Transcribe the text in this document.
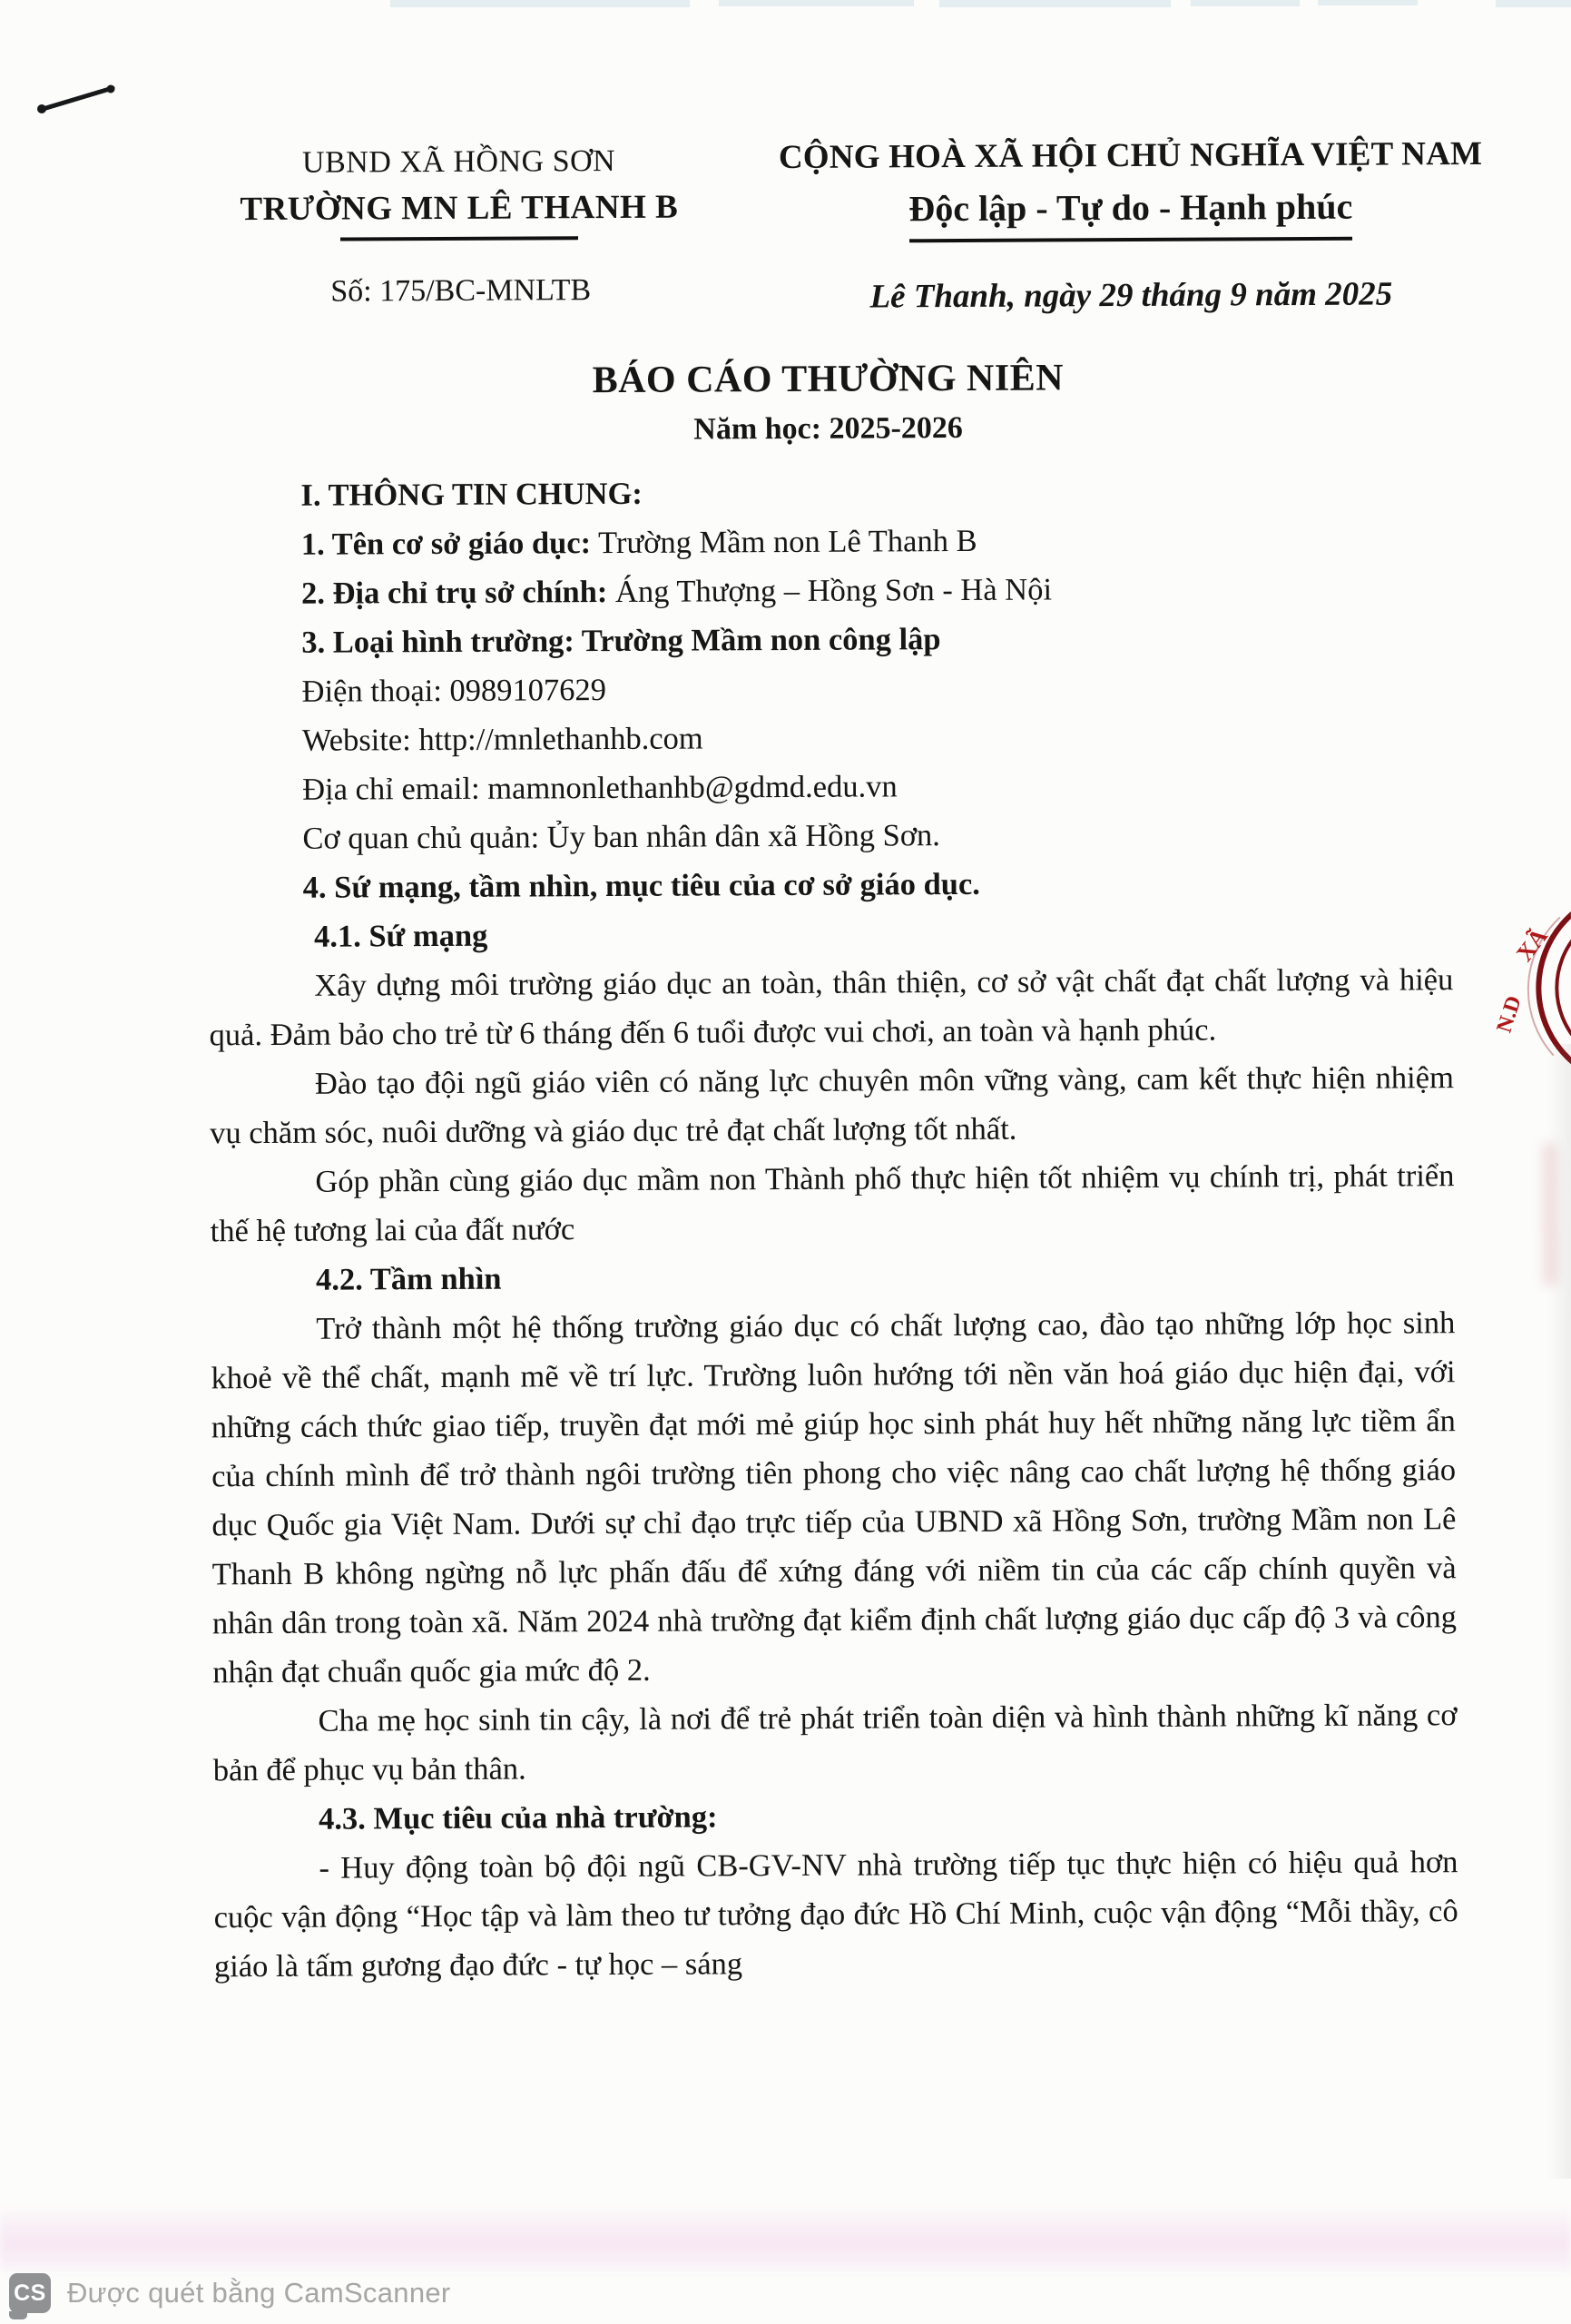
UBND XÃ HỒNG SƠN
TRƯỜNG MN LÊ THANH B
Số: 175/BC-MNLTB
CỘNG HOÀ XÃ HỘI CHỦ NGHĨA VIỆT NAM
Độc lập - Tự do - Hạnh phúc
Lê Thanh, ngày 29 tháng 9 năm 2025
BÁO CÁO THƯỜNG NIÊN
Năm học: 2025-2026
I. THÔNG TIN CHUNG:
1. Tên cơ sở giáo dục: Trường Mầm non Lê Thanh B
2. Địa chỉ trụ sở chính: Áng Thượng – Hồng Sơn - Hà Nội
3. Loại hình trường: Trường Mầm non công lập
Điện thoại: 0989107629
Website: http://mnlethanhb.com
Địa chỉ email: mamnonlethanhb@gdmd.edu.vn
Cơ quan chủ quản: Ủy ban nhân dân xã Hồng Sơn.
4. Sứ mạng, tầm nhìn, mục tiêu của cơ sở giáo dục.
4.1. Sứ mạng
Xây dựng môi trường giáo dục an toàn, thân thiện, cơ sở vật chất đạt chất lượng và hiệu quả. Đảm bảo cho trẻ từ 6 tháng đến 6 tuổi được vui chơi, an toàn và hạnh phúc.
Đào tạo đội ngũ giáo viên có năng lực chuyên môn vững vàng, cam kết thực hiện nhiệm vụ chăm sóc, nuôi dưỡng và giáo dục trẻ đạt chất lượng tốt nhất.
Góp phần cùng giáo dục mầm non Thành phố thực hiện tốt nhiệm vụ chính trị, phát triển thế hệ tương lai của đất nước
4.2. Tầm nhìn
Trở thành một hệ thống trường giáo dục có chất lượng cao, đào tạo những lớp học sinh khoẻ về thể chất, mạnh mẽ về trí lực. Trường luôn hướng tới nền văn hoá giáo dục hiện đại, với những cách thức giao tiếp, truyền đạt mới mẻ giúp học sinh phát huy hết những năng lực tiềm ẩn của chính mình để trở thành ngôi trường tiên phong cho việc nâng cao chất lượng hệ thống giáo dục Quốc gia Việt Nam. Dưới sự chỉ đạo trực tiếp của UBND xã Hồng Sơn, trường Mầm non Lê Thanh B không ngừng nỗ lực phấn đấu để xứng đáng với niềm tin của các cấp chính quyền và nhân dân trong toàn xã. Năm 2024 nhà trường đạt kiểm định chất lượng giáo dục cấp độ 3 và công nhận đạt chuẩn quốc gia mức độ 2.
Cha mẹ học sinh tin cậy, là nơi để trẻ phát triển toàn diện và hình thành những kĩ năng cơ bản để phục vụ bản thân.
4.3. Mục tiêu của nhà trường:
- Huy động toàn bộ đội ngũ CB-GV-NV nhà trường tiếp tục thực hiện có hiệu quả hơn cuộc vận động “Học tập và làm theo tư tưởng đạo đức Hồ Chí Minh, cuộc vận động “Mỗi thầy, cô giáo là tấm gương đạo đức - tự học – sáng
XÃ
N.D
CS Được quét bằng CamScanner
